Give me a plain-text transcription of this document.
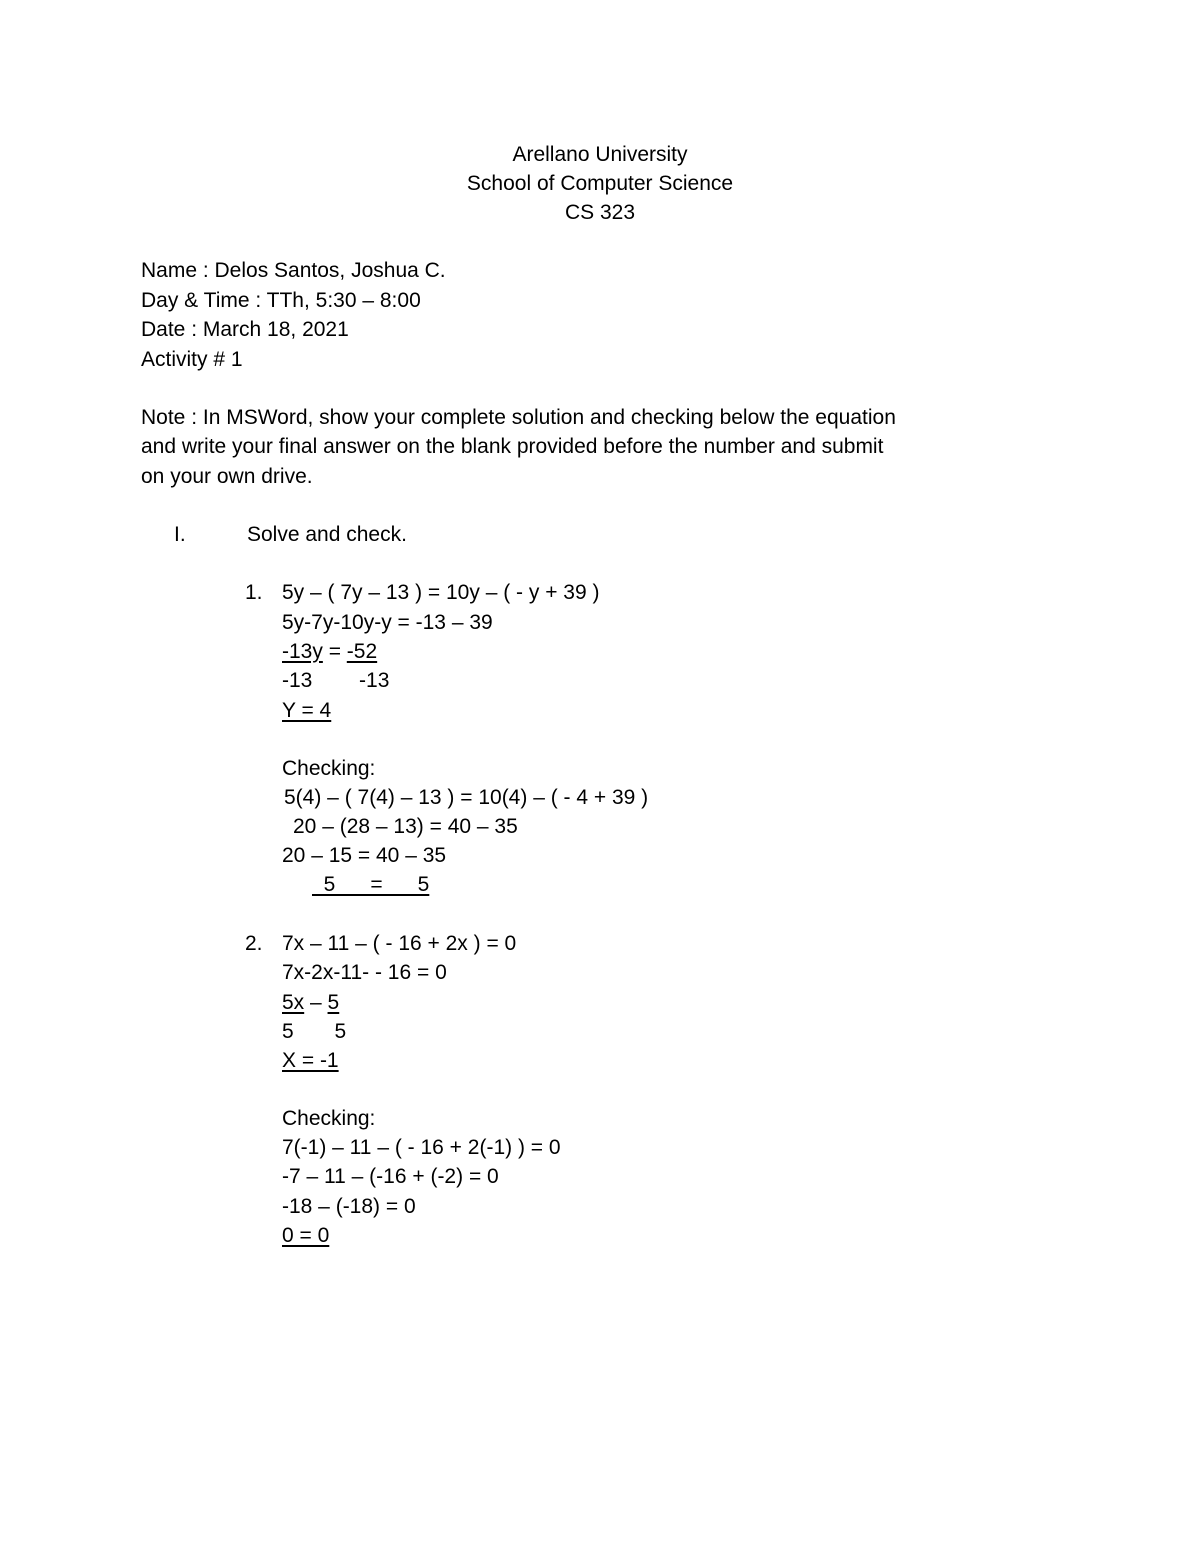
Arellano University

School of Computer Science

CS 323

Name : Delos Santos, Joshua C.

Day & Time : TTh, 5:30 – 8:00

Date : March 18, 2021

Activity # 1

Note : In MSWord, show your complete solution and checking below the equation

and write your final answer on the blank provided before the number and submit

on your own drive.

I.	Solve and check.

1. 5y – ( 7y – 13 ) = 10y – ( - y + 39 )

5y-7y-10y-y = -13 – 39

-13y = -52

-13        -13

Y = 4

Checking:

5(4) – ( 7(4) – 13 ) = 10(4) – ( - 4 + 39 )

20 – (28 – 13) = 40 – 35

20 – 15 = 40 – 35

5      =      5

2. 7x – 11 – ( - 16 + 2x ) = 0

7x-2x-11- - 16 = 0

5x – 5

5       5

X = -1

Checking:

7(-1) – 11 – ( - 16 + 2(-1) ) = 0

-7 – 11 – (-16 + (-2) = 0

-18 – (-18) = 0

0 = 0
